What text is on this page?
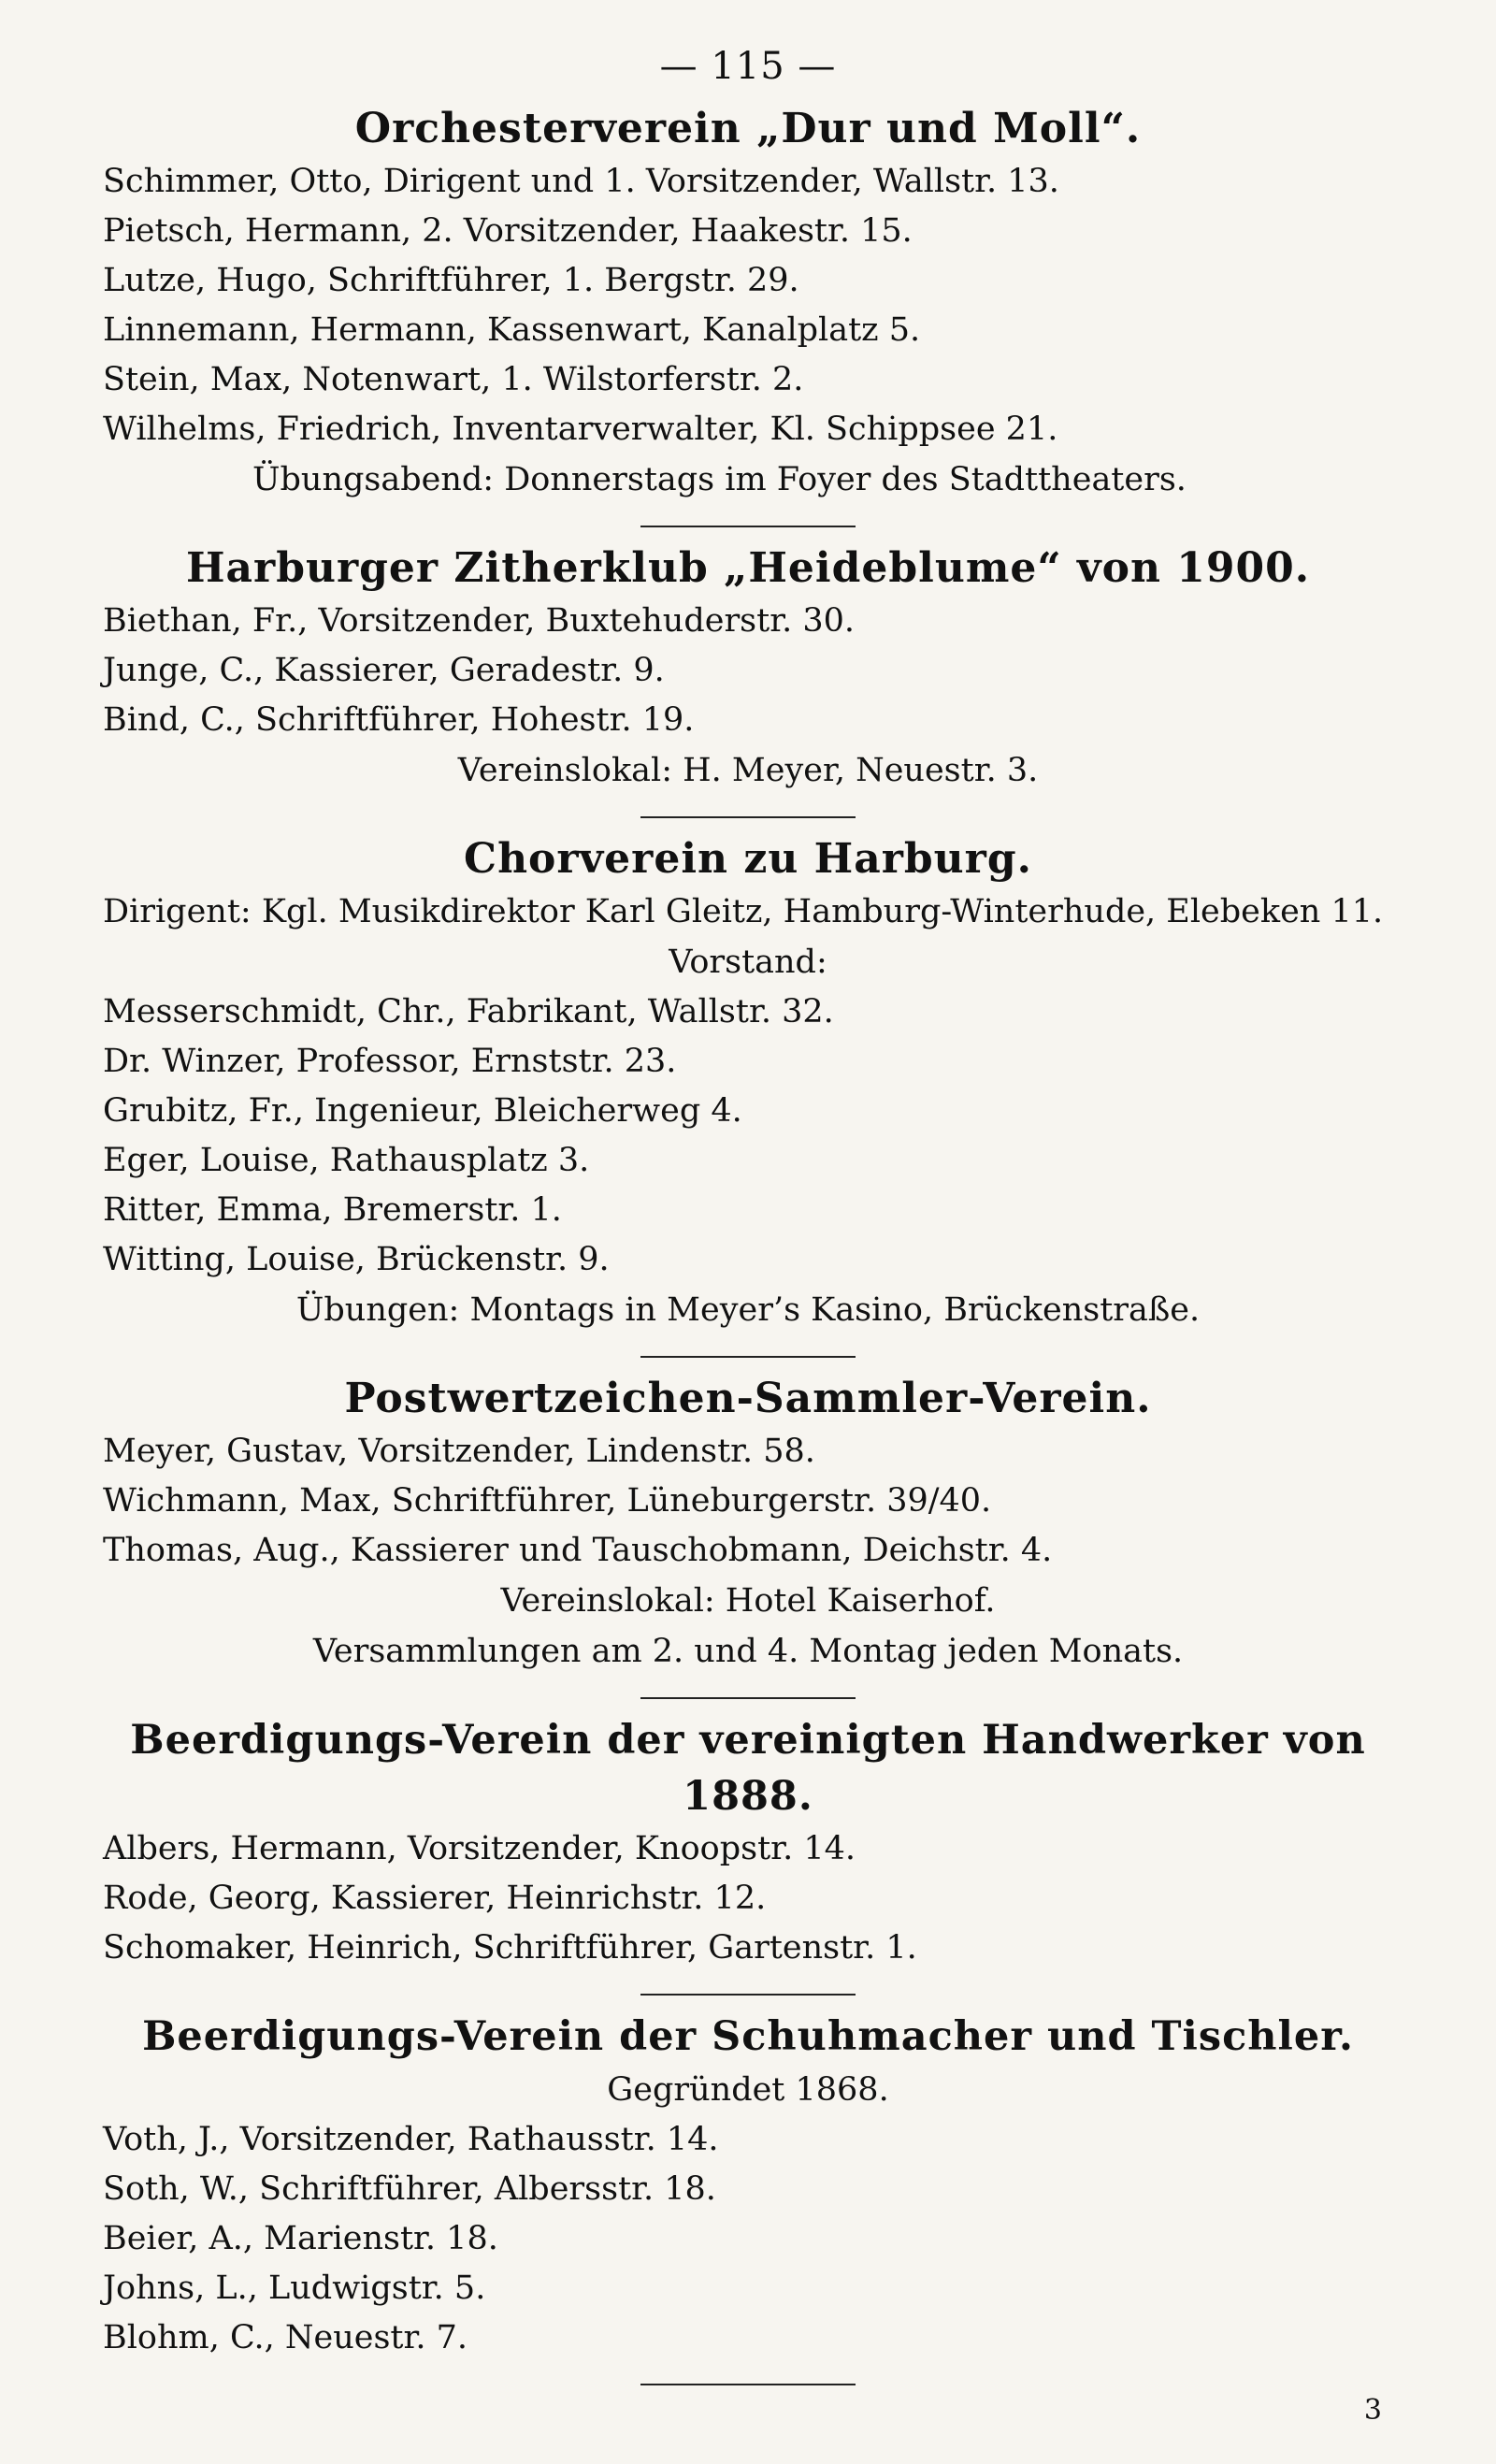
— 115 —
Orchesterverein „Dur und Moll“.
Schimmer, Otto, Dirigent und 1. Vorsitzender, Wallstr. 13.
Pietsch, Hermann, 2. Vorsitzender, Haakestr. 15.
Lutze, Hugo, Schriftführer, 1. Bergstr. 29.
Linnemann, Hermann, Kassenwart, Kanalplatz 5.
Stein, Max, Notenwart, 1. Wilstorferstr. 2.
Wilhelms, Friedrich, Inventarverwalter, Kl. Schippsee 21.
Übungsabend: Donnerstags im Foyer des Stadttheaters.
Harburger Zitherklub „Heideblume“ von 1900.
Biethan, Fr., Vorsitzender, Buxtehuderstr. 30.
Junge, C., Kassierer, Geradestr. 9.
Bind, C., Schriftführer, Hohestr. 19.
Vereinslokal: H. Meyer, Neuestr. 3.
Chorverein zu Harburg.
Dirigent: Kgl. Musikdirektor Karl Gleitz, Hamburg-Winterhude, Elebeken 11.
Vorstand:
Messerschmidt, Chr., Fabrikant, Wallstr. 32.
Dr. Winzer, Professor, Ernststr. 23.
Grubitz, Fr., Ingenieur, Bleicherweg 4.
Eger, Louise, Rathausplatz 3.
Ritter, Emma, Bremerstr. 1.
Witting, Louise, Brückenstr. 9.
Übungen: Montags in Meyer’s Kasino, Brückenstraße.
Postwertzeichen-Sammler-Verein.
Meyer, Gustav, Vorsitzender, Lindenstr. 58.
Wichmann, Max, Schriftführer, Lüneburgerstr. 39/40.
Thomas, Aug., Kassierer und Tauschobmann, Deichstr. 4.
Vereinslokal: Hotel Kaiserhof.
Versammlungen am 2. und 4. Montag jeden Monats.
Beerdigungs-Verein der vereinigten Handwerker von 1888.
Albers, Hermann, Vorsitzender, Knoopstr. 14.
Rode, Georg, Kassierer, Heinrichstr. 12.
Schomaker, Heinrich, Schriftführer, Gartenstr. 1.
Beerdigungs-Verein der Schuhmacher und Tischler.
Gegründet 1868.
Voth, J., Vorsitzender, Rathausstr. 14.
Soth, W., Schriftführer, Albersstr. 18.
Beier, A., Marienstr. 18.
Johns, L., Ludwigstr. 5.
Blohm, C., Neuestr. 7.
3
